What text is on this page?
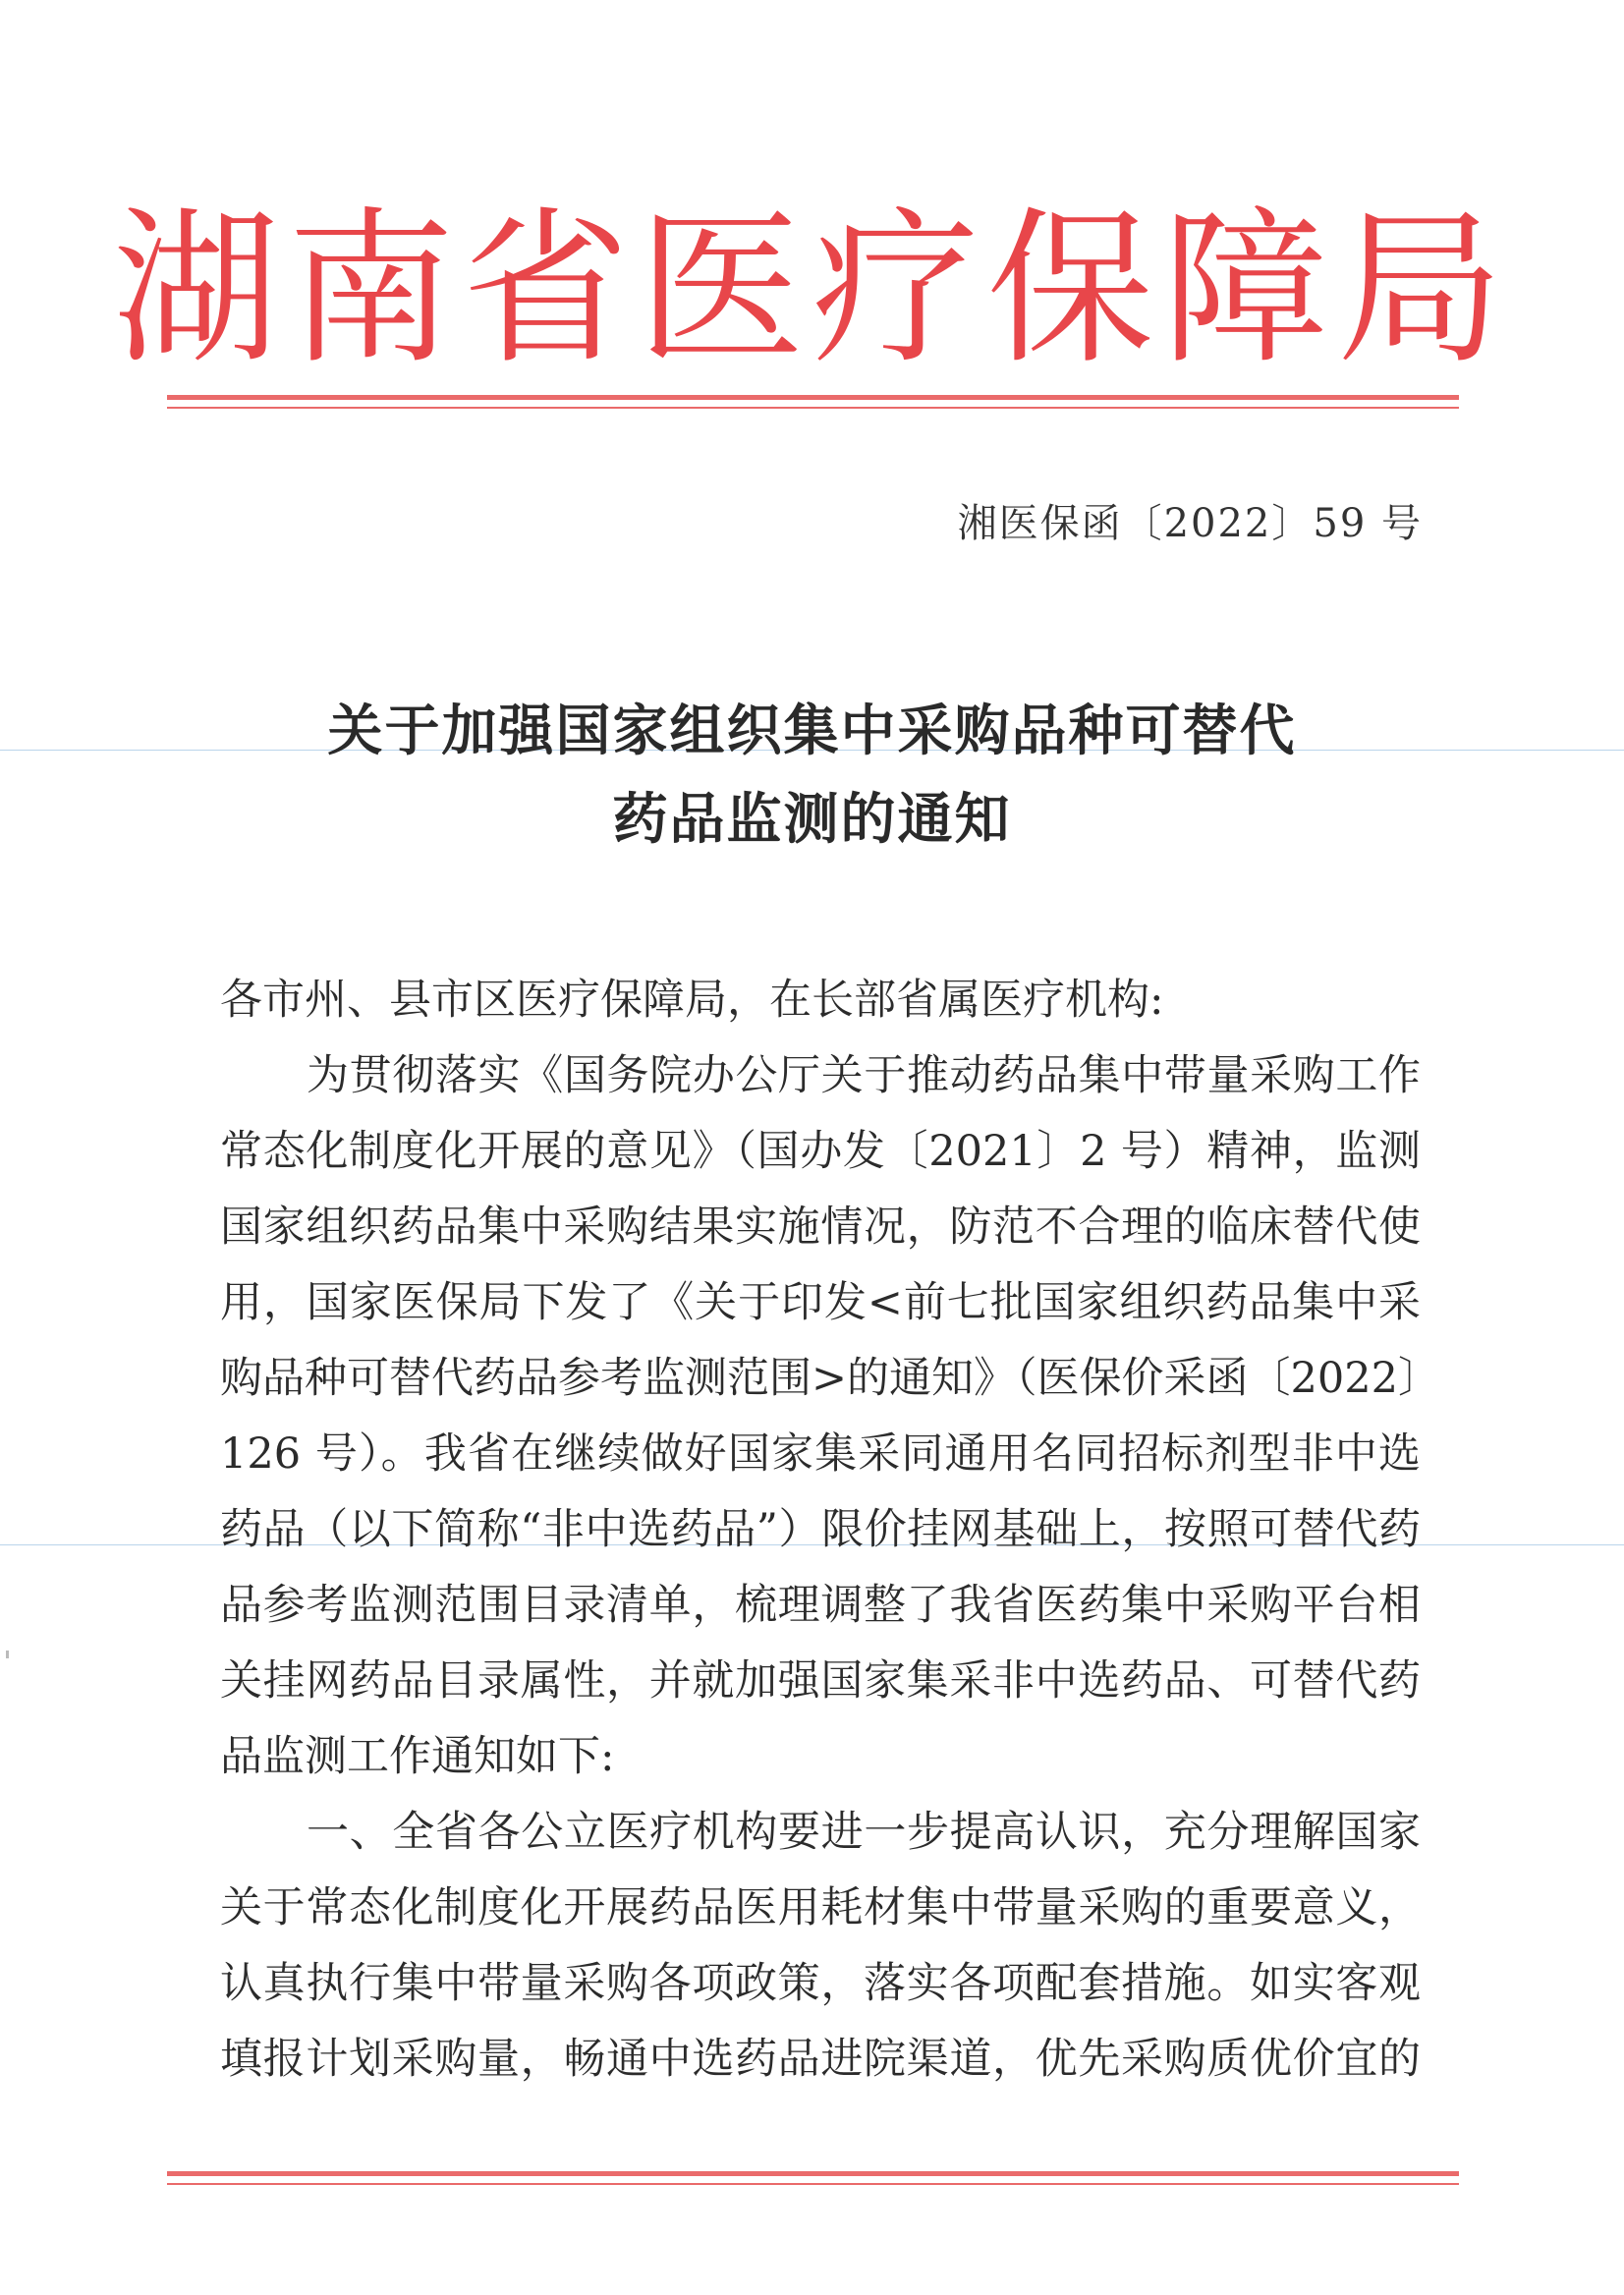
湖南省医疗保障局
湘医保函〔2022〕59 号
关于加强国家组织集中采购品种可替代
药品监测的通知
各市州、县市区医疗保障局，在长部省属医疗机构:

为贯彻落实《国务院办公厅关于推动药品集中带量采购工作

常态化制度化开展的意见》（国办发〔2021〕2 号）精神，监测

国家组织药品集中采购结果实施情况，防范不合理的临床替代使

用，国家医保局下发了《关于印发<前七批国家组织药品集中采

购品种可替代药品参考监测范围>的通知》（医保价采函〔2022〕

126 号）。我省在继续做好国家集采同通用名同招标剂型非中选

药品（以下简称“非中选药品”）限价挂网基础上，按照可替代药

品参考监测范围目录清单，梳理调整了我省医药集中采购平台相

关挂网药品目录属性，并就加强国家集采非中选药品、可替代药

品监测工作通知如下:

一、全省各公立医疗机构要进一步提高认识，充分理解国家

关于常态化制度化开展药品医用耗材集中带量采购的重要意义，

认真执行集中带量采购各项政策，落实各项配套措施。如实客观

填报计划采购量，畅通中选药品进院渠道，优先采购质优价宜的
